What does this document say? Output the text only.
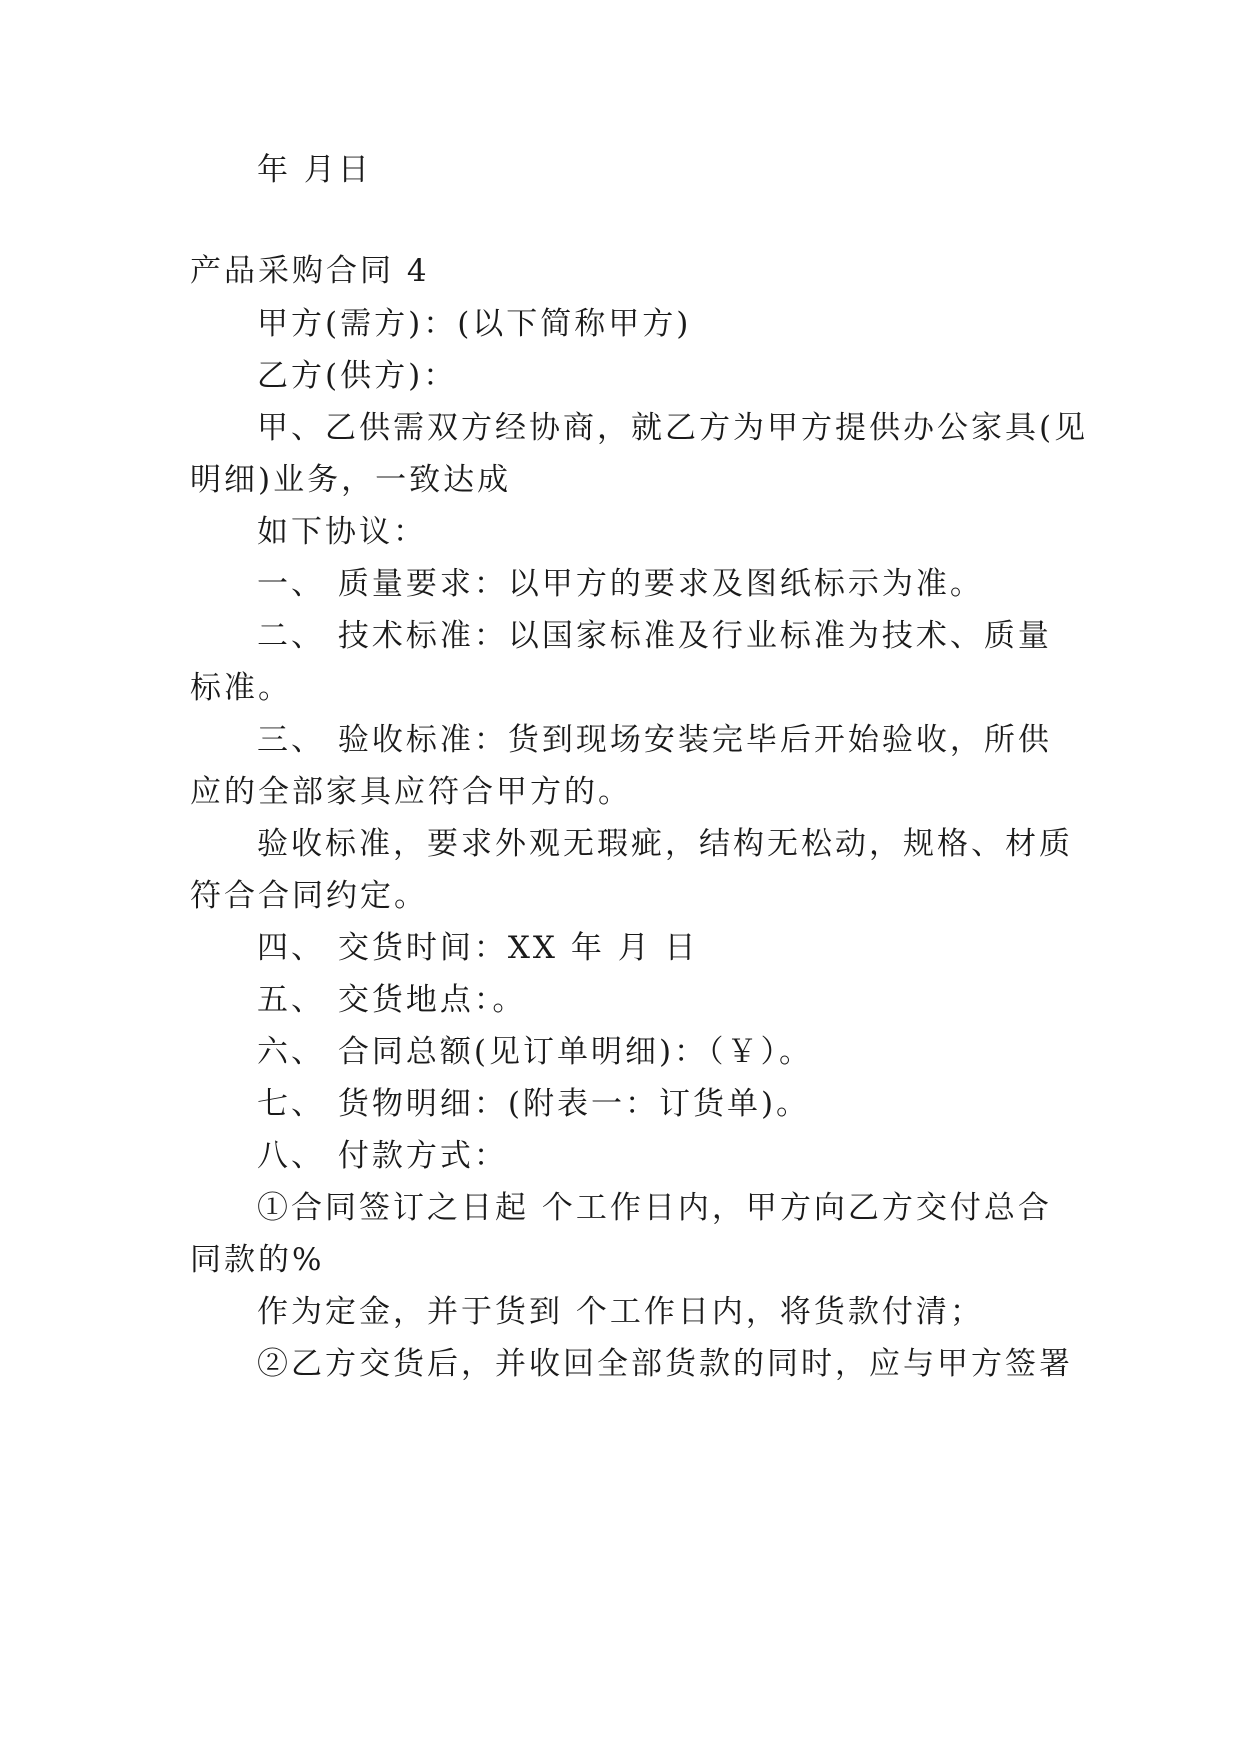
年 月日
产品采购合同 4
甲方(需方)：(以下简称甲方)
乙方(供方)：
甲、乙供需双方经协商，就乙方为甲方提供办公家具(见
明细)业务，一致达成
如下协议：
一、 质量要求：以甲方的要求及图纸标示为准。
二、 技术标准：以国家标准及行业标准为技术、质量
标准。
三、 验收标准：货到现场安装完毕后开始验收，所供
应的全部家具应符合甲方的。
验收标准，要求外观无瑕疵，结构无松动，规格、材质
符合合同约定。
四、 交货时间：XX 年 月 日
五、 交货地点：。
六、 合同总额(见订单明细)：（￥）。
七、 货物明细：(附表一：订货单)。
八、 付款方式：
①合同签订之日起 个工作日内，甲方向乙方交付总合
同款的%
作为定金，并于货到 个工作日内，将货款付清；
②乙方交货后，并收回全部货款的同时，应与甲方签署
